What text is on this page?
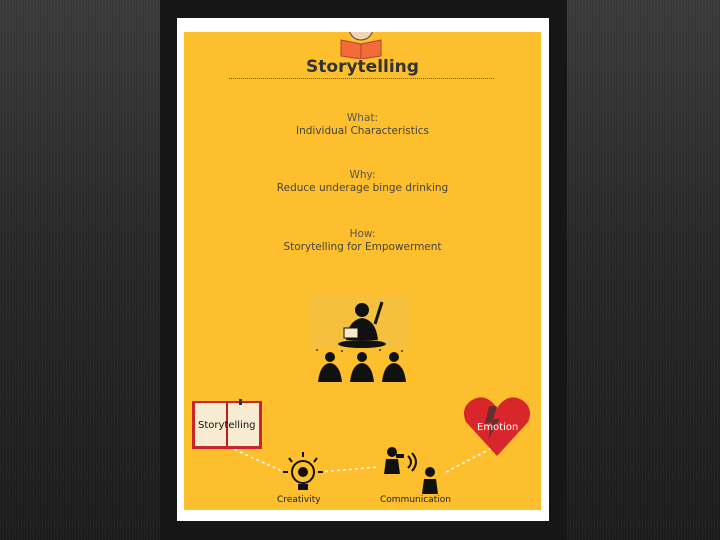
Storytelling
What:
Individual Characteristics
Why:
Reduce underage binge drinking
How:
Storytelling for Empowerment
Storytelling	Emotion
Creativity	Communication
